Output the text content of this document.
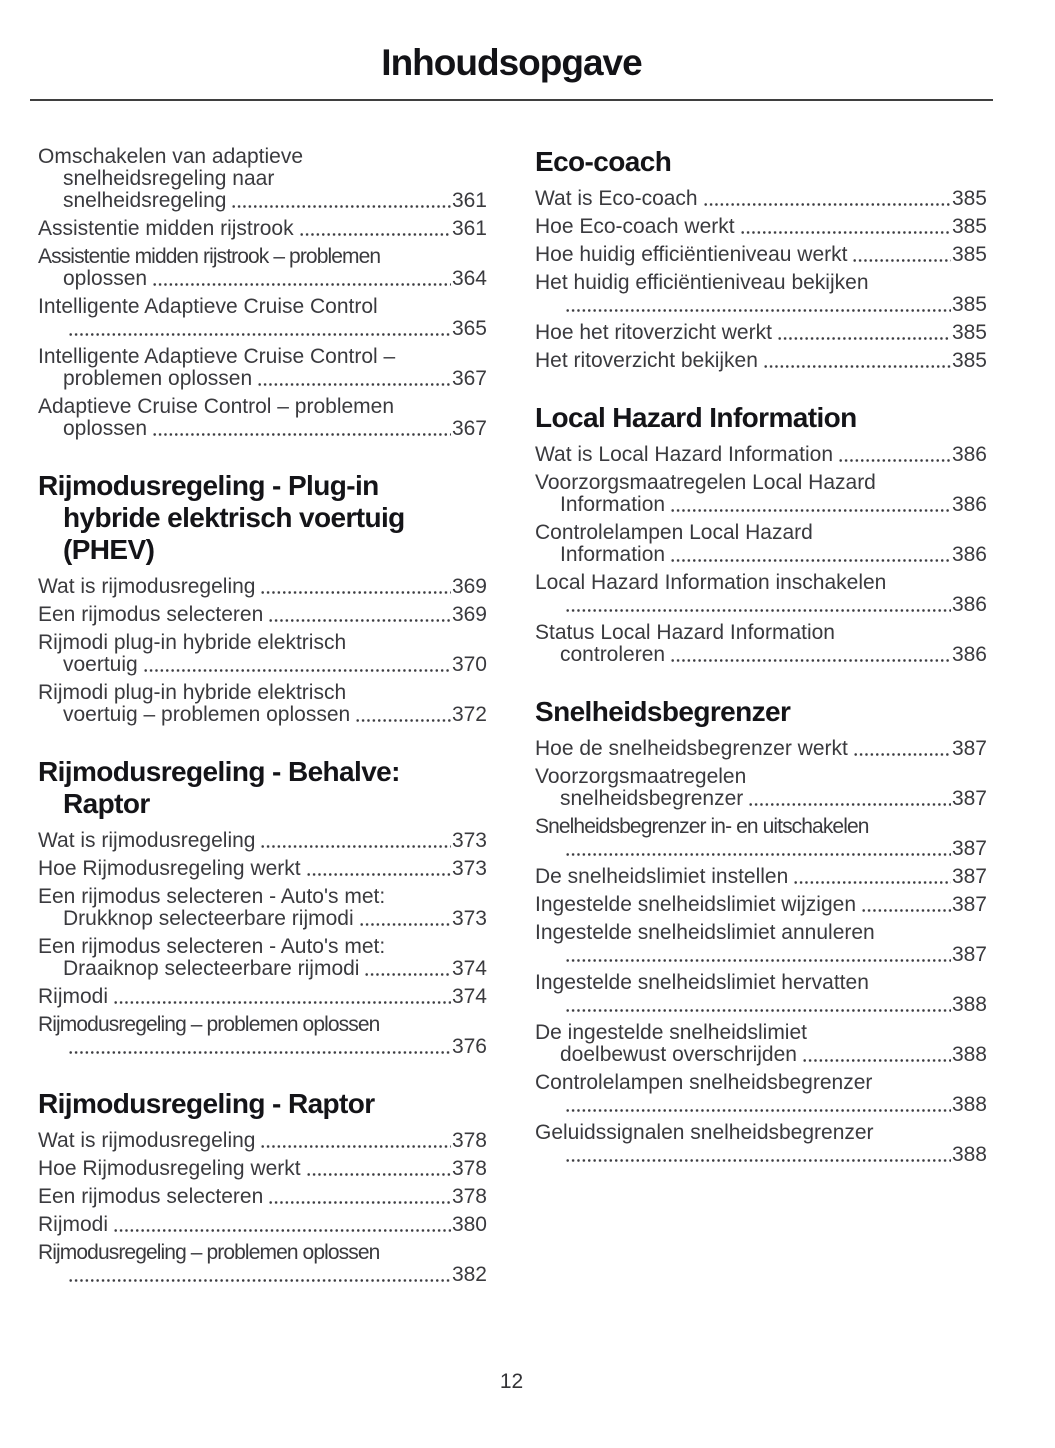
Inhoudsopgave
Omschakelen van adaptieve
snelheidsregeling naar
snelheidsregeling	361
Assistentie midden rijstrook	361
Assistentie midden rijstrook – problemen
oplossen	364
Intelligente Adaptieve Cruise Control
365
Intelligente Adaptieve Cruise Control –
problemen oplossen	367
Adaptieve Cruise Control – problemen
oplossen	367
Rijmodusregeling - Plug-in
hybride elektrisch voertuig
(PHEV)
Wat is rijmodusregeling	369
Een rijmodus selecteren	369
Rijmodi plug-in hybride elektrisch
voertuig	370
Rijmodi plug-in hybride elektrisch
voertuig – problemen oplossen	372
Rijmodusregeling - Behalve:
Raptor
Wat is rijmodusregeling	373
Hoe Rijmodusregeling werkt	373
Een rijmodus selecteren - Auto's met:
Drukknop selecteerbare rijmodi	373
Een rijmodus selecteren - Auto's met:
Draaiknop selecteerbare rijmodi	374
Rijmodi	374
Rijmodusregeling – problemen oplossen
376
Rijmodusregeling - Raptor
Wat is rijmodusregeling	378
Hoe Rijmodusregeling werkt	378
Een rijmodus selecteren	378
Rijmodi	380
Rijmodusregeling – problemen oplossen
382
Eco-coach
Wat is Eco-coach	385
Hoe Eco-coach werkt	385
Hoe huidig efficiëntieniveau werkt	385
Het huidig efficiëntieniveau bekijken
385
Hoe het ritoverzicht werkt	385
Het ritoverzicht bekijken	385
Local Hazard Information
Wat is Local Hazard Information	386
Voorzorgsmaatregelen Local Hazard
Information	386
Controlelampen Local Hazard
Information	386
Local Hazard Information inschakelen
386
Status Local Hazard Information
controleren	386
Snelheidsbegrenzer
Hoe de snelheidsbegrenzer werkt	387
Voorzorgsmaatregelen
snelheidsbegrenzer	387
Snelheidsbegrenzer in- en uitschakelen
387
De snelheidslimiet instellen	387
Ingestelde snelheidslimiet wijzigen	387
Ingestelde snelheidslimiet annuleren
387
Ingestelde snelheidslimiet hervatten
388
De ingestelde snelheidslimiet
doelbewust overschrijden	388
Controlelampen snelheidsbegrenzer
388
Geluidssignalen snelheidsbegrenzer
388
12
